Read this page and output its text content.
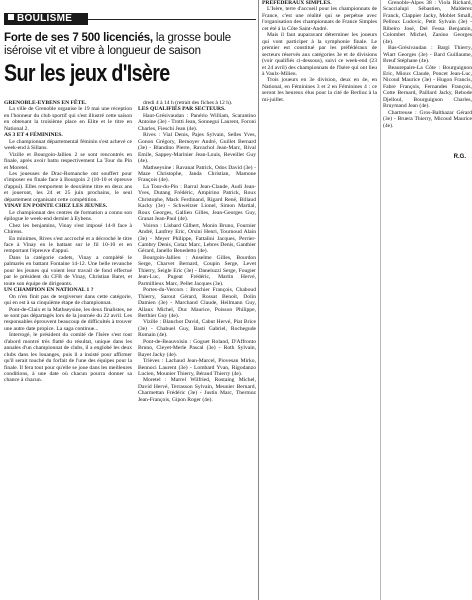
BOULISME
Forte de ses 7 500 licenciés, la grosse boule iséroise vit et vibre à longueur de saison
Sur les jeux d'Isère

GRENOBLE-EYBENS EN FÊTE.

La ville de Grenoble organise le 19 mai une réception en l'honneur du club sportif qui s'est illustré cette saison en obtenant la troisième place en Elite et le titre en National 2.

AS 3 ET 4 FÉMININES.

Le championnat départemental féminin s'est achevé ce week-end à Sillans.

Vizille et Bourgoin-Jallieu 2 se sont rencontrés en finale, après avoir battu respectivement La Tour du Pin et Moretel.

Les joueuses de Drac-Romanche ont souffert pour s'imposer en finale face à Bourgoin 2 (10-10 et épreuve d'appui). Elles remportent le deuxième titre en deux ans et joueront, les 24 et 25 juin prochains, le seul département organisant cette compétition.

VINAY EN POINTE CHEZ LES JEUNES.

Le championnat des centres de formation a connu son épilogue le week-end dernier à Eybens.

Chez les benjamins, Vinay s'est imposé 14-8 face à Chirens.

En minimes, Rives s'est accroché et a décroché le titre face à Vinay en le battant sur le fil 10-10 et en remportant l'épreuve d'appui.

Dans la catégorie cadets, Vinay a complété le palmarès en battant Fontaine 14-12. Une belle revanche pour les jeunes qui voient leur travail de fond effectué par le président du CFB de Vinay, Christian Baret, et toute son équipe de dirigeants.

UN CHAMPION EN NATIONAL 1 ?

On n'en finit pas de tergiverser dans cette catégorie, qui en est à sa cinquième étape de championnat.

Pont-de-Claix et la Mathseysine, les deux finalistes, ne se sont pas départagés lors de la journée du 22 avril. Les responsables éprouvent beaucoup de difficultés à trouver une autre date propice. La saga continue...

Interrogé, le président du comité de l'Isère s'est tout d'abord montré très flatté du résultat, unique dans les annales d'un championnat de clubs, il a englobé les deux clubs dans les louanges, puis il a insisté pour affirmer qu'il serait touché du forfait de l'une des équipes pour la finale. Il fera tout pour qu'elle se joue dans les meilleures conditions, à une date où chacun pourra donner sa chance à chacun.

dredi 4 à 14 h (retrait des fiches à 12 h).

LES QUALIFIÉS PAR SECTEURS.

Haut-Grésivaudan : Panério William, Scarantino Antoine (3e) - Trotti Jean, Sonnegui Laurent, Foroni Charles, Fieschi Jean (4e).

Rives : Vial Denis, Pajes Sylvain, Selles Yves, Gonon Grégory, Bernoyer André, Guillet Bernard (3e) - Blandino Pierre, Ravachol Jean-Marc, Rival Emile, Sappey-Marinier Jean-Louis, Reveillet Guy (4e).

Mathseysine : Ravanat Patrick, Odos David (3e) - Maze Christophe, Janda Christian, Mamone François (4e).

La Tour-du-Pin : Barral Jean-Claude, Audi Jean-Yves, Dutang Frédéric, Ampirino Patrick, Roux Christophe, Mack Ferdinand, Rigard René, Billaud Kacky (3e) - Schweitzer Lionel, Simon Martial, Roux Georges, Gallien Gilles, Jean-Georges Guy, Granat Jean-Paul (4e).

Voiron : Lisbard Gilbert, Monin Bruno, Fournier André, Lanfrey Eric, Orsini Henri, Tournoud Alain (3e) - Meyer Philippe, Fattalini Jacques, Perrier-Cambry Denis, Cotaz Marc, Lebres Denis, Ganthier Gérard, Janello Benedetto (4e).

Bourgoin-Jallieu : Anselme Gilles, Bourdon Serge, Charvet Bernard, Coupin Serge, Levet Thierry, Seigle Eric (3e) - Daneluzzi Serge, Fougier Jean-Luc, Pugeat Frédéric, Martin Hervé, Parmillieux Marc, Pellet Jacques (3e).

Portes-du-Vercors : Brochier François, Chaboud Thierry, Sarout Gérard, Rossat Benoît, Dolin Damien (3e) - Marchand Claude, Heilmann Guy, Allaux Michel, Duc Maurice, Poisson Philippe, Berthier Guy (4e).

Vizille : Blanchot David, Cabut Hervé, Piat Brice (3e) - Chabuel Guy, Basti Gabriel, Rochegude Romain (4e).

Pont-de-Beauvoisin : Goguet Roland, D'Affronto Bruno, Cleyet-Merle Pascal (3e) - Roth Sylvain, Bayet Jacky (4e).

Trièves : Lachaud Jean-Marcel, Piovesan Mirko, Bennoci Laurent (3e) - Lombard Yvan, Rigodanzo Lucien, Mounier Thierry, Béraud Thierry (4e).

Moretel : Marrel Wilfried, Rostaing Michel, David Hervé, Terrasson Sylvain, Meunier Bernard, Charmettan Frédéric (3e) - Justin Marc, Thermoz Jean-François, Gipon Roger (4e).

PRÉFÉDÉRAUX SIMPLES.

L'Isère, terre d'accueil pour les championnats de France, c'est une réalité qui se perpétue avec l'organisation des championnats de France Simples cet été à la Côte Saint-André.

Mais il faut auparavant déterminer les joueurs qui vont participer à la symphonie finale. Le premier est constitué par les préfédéraux de secteurs réservés aux catégories 3e et 4e divisions (voir qualifiés ci-dessous), suivi ce week-end (23 et 24 avril) des championnats de l'Isère qui ont lieu à Vaulx-Milieu.

Trois joueurs en 3e division, deux en 4e, en National, en Féminines 3 et 2 en Féminines 4 : ce seront les heureux élus pour la cité de Berlioz à la mi-juillet.

Grenoble-Alpes 38 : Viola Richard, Scaccialupi Sébastien, Malderez Franck, Clappier Jacky, Moblet Small, Pelloux Ludovic, Petit Sylvain (3e) - Ribeiro José, Del Fessa Benjamin, Colombet Michel, Zanino Georges (4e).

Bas-Grésivaudan : Bargi Thierry, Wiart Georges (3e) - Bard Guillaume, Breuf Stéphane (4e).

Beaurepaire-La Côte : Bourguignon Eric, Mioux Claude, Poncet Jean-Luc, Nicoud Maurice (3e) - Hugon Francis, Fabre François, Fernandes François, Cotte Bernard, Paillard Jacky, Rebode Djelloul, Bourguignon Charles, Bruymand Jean (4e).

Chartreuse : Gros-Balthazar Gérard (3e) - Bruera Thierry, Micoud Maurice (4e).

R.G.
